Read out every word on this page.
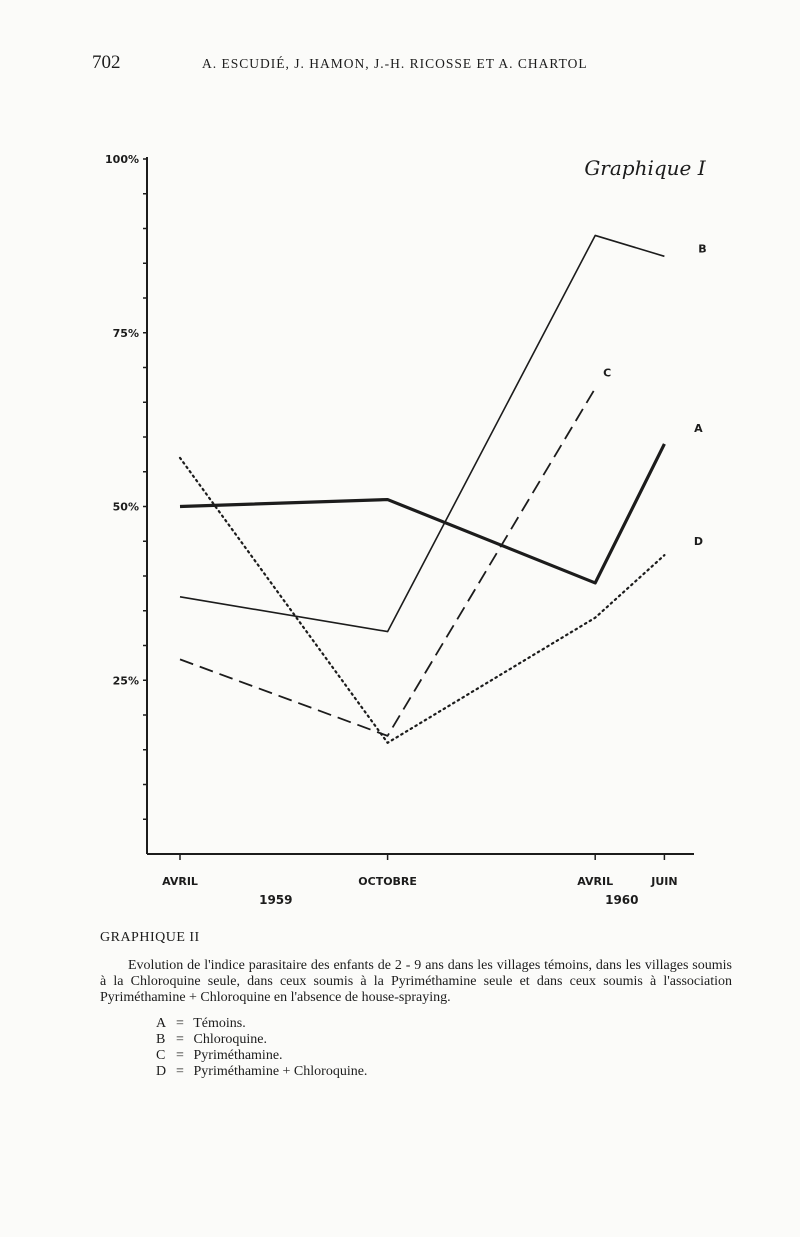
702	A. ESCUDIÉ, J. HAMON, J.-H. RICOSSE ET A. CHARTOL
100%
75%
50%
25%
AVRIL	OCTOBRE	AVRIL	JUIN
1959	1960
Graphique I
A
B
C
D

GRAPHIQUE II

Evolution de l'indice parasitaire des enfants de 2 - 9 ans dans les villages témoins, dans les villages soumis à la Chloroquine seule, dans ceux soumis à la Pyriméthamine seule et dans ceux soumis à l'association Pyriméthamine + Chloroquine en l'absence de house-spraying.

A = Témoins.
B = Chloroquine.
C = Pyriméthamine.
D = Pyriméthamine + Chloroquine.
